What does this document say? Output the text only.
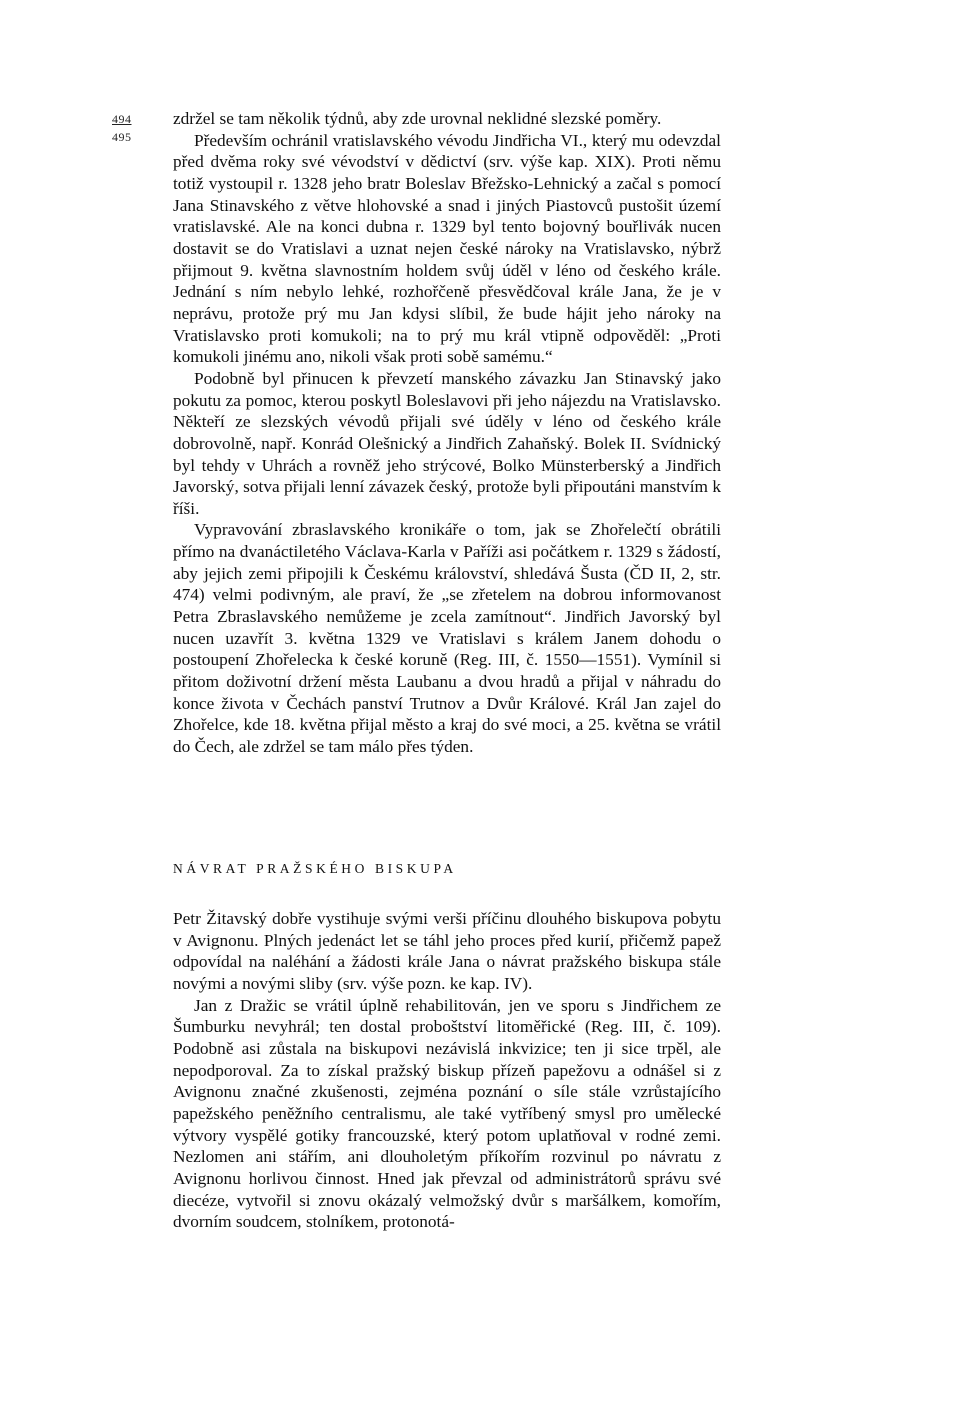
494
495

zdržel se tam několik týdnů, aby zde urovnal neklidné slezské poměry.

Především ochránil vratislavského vévodu Jindřicha VI., který mu odevzdal před dvěma roky své vévodství v dědictví (srv. výše kap. XIX). Proti němu totiž vystoupil r. 1328 jeho bratr Boleslav Břežsko-Lehnický a začal s pomocí Jana Stinavského z větve hlohovské a snad i jiných Piastovců pustošit území vratislavské. Ale na konci dubna r. 1329 byl tento bojovný bouřlivák nucen dostavit se do Vratislavi a uznat nejen české nároky na Vratislavsko, nýbrž přijmout 9. května slavnostním holdem svůj úděl v léno od českého krále. Jednání s ním nebylo lehké, rozhořčeně přesvědčoval krále Jana, že je v neprávu, protože prý mu Jan kdysi slíbil, že bude hájit jeho nároky na Vratislavsko proti komukoli; na to prý mu král vtipně odpověděl: „Proti komukoli jinému ano, nikoli však proti sobě samému.“

Podobně byl přinucen k převzetí manského závazku Jan Stinavský jako pokutu za pomoc, kterou poskytl Boleslavovi při jeho nájezdu na Vratislavsko. Někteří ze slezských vévodů přijali své úděly v léno od českého krále dobrovolně, např. Konrád Olešnický a Jindřich Zahaňský. Bolek II. Svídnický byl tehdy v Uhrách a rovněž jeho strýcové, Bolko Münsterberský a Jindřich Javorský, sotva přijali lenní závazek český, protože byli připoutáni manstvím k říši.

Vypravování zbraslavského kronikáře o tom, jak se Zhořelečtí obrátili přímo na dvanáctiletého Václava-Karla v Paříži asi počátkem r. 1329 s žádostí, aby jejich zemi připojili k Českému království, shledává Šusta (ČD II, 2, str. 474) velmi podivným, ale praví, že „se zřetelem na dobrou informovanost Petra Zbraslavského nemůžeme je zcela zamítnout“. Jindřich Javorský byl nucen uzavřít 3. května 1329 ve Vratislavi s králem Janem dohodu o postoupení Zhořelecka k české koruně (Reg. III, č. 1550—1551). Vymínil si přitom doživotní držení města Laubanu a dvou hradů a přijal v náhradu do konce života v Čechách panství Trutnov a Dvůr Králové. Král Jan zajel do Zhořelce, kde 18. května přijal město a kraj do své moci, a 25. května se vrátil do Čech, ale zdržel se tam málo přes týden.

NÁVRAT PRAŽSKÉHO BISKUPA

Petr Žitavský dobře vystihuje svými verši příčinu dlouhého biskupova pobytu v Avignonu. Plných jedenáct let se táhl jeho proces před kurií, přičemž papež odpovídal na naléhání a žádosti krále Jana o návrat pražského biskupa stále novými a novými sliby (srv. výše pozn. ke kap. IV).

Jan z Dražic se vrátil úplně rehabilitován, jen ve sporu s Jindřichem ze Šumburku nevyhrál; ten dostal proboštství litoměřické (Reg. III, č. 109). Podobně asi zůstala na biskupovi nezávislá inkvizice; ten ji sice trpěl, ale nepodporoval. Za to získal pražský biskup přízeň papežovu a odnášel si z Avignonu značné zkušenosti, zejména poznání o síle stále vzrůstajícího papežského peněžního centralismu, ale také vytříbený smysl pro umělecké výtvory vyspělé gotiky francouzské, který potom uplatňoval v rodné zemi. Nezlomen ani stářím, ani dlouholetým příkořím rozvinul po návratu z Avignonu horlivou činnost. Hned jak převzal od administrátorů správu své diecéze, vytvořil si znovu okázalý velmožský dvůr s maršálkem, komořím, dvorním soudcem, stolníkem, protonotá-
